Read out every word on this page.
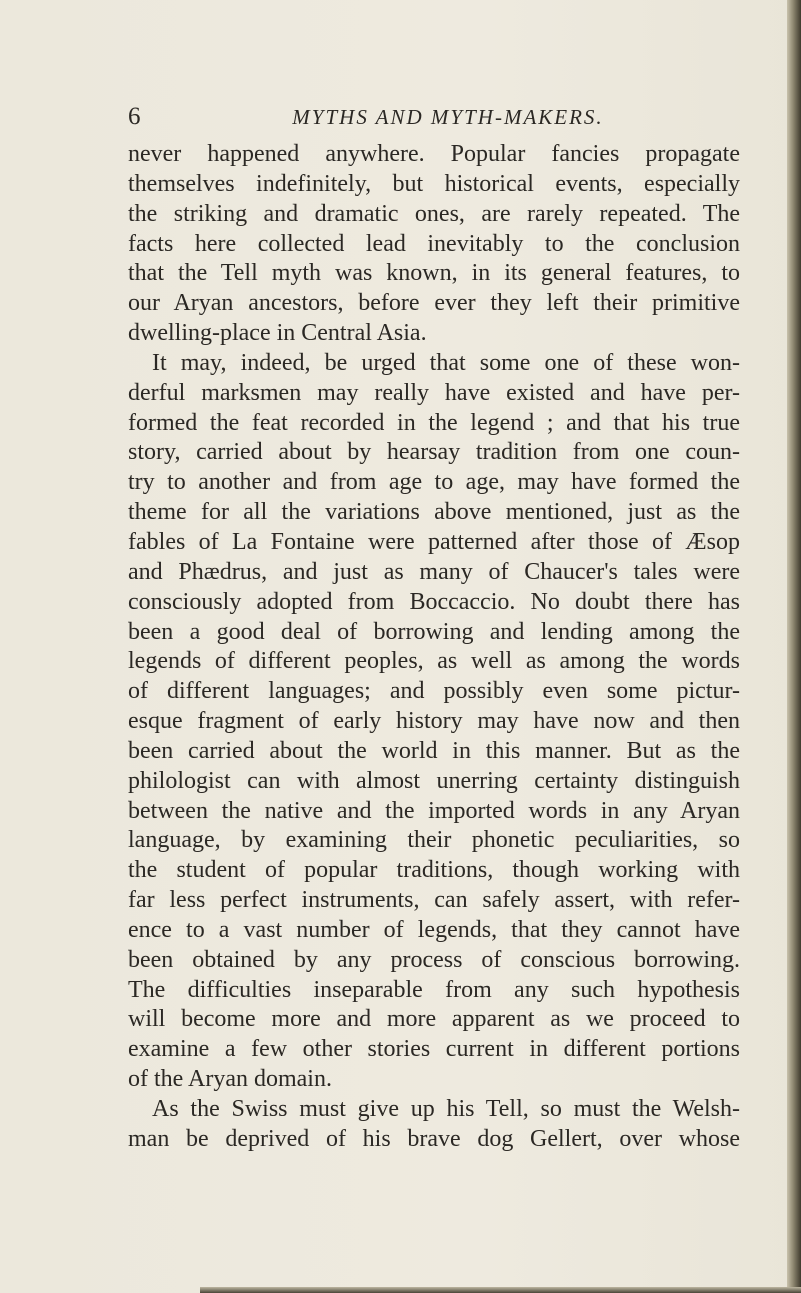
6	MYTHS AND MYTH-MAKERS.
never happened anywhere. Popular fancies propagate
themselves indefinitely, but historical events, especially
the striking and dramatic ones, are rarely repeated. The
facts here collected lead inevitably to the conclusion
that the Tell myth was known, in its general features, to
our Aryan ancestors, before ever they left their primitive
dwelling-place in Central Asia.
It may, indeed, be urged that some one of these won-
derful marksmen may really have existed and have per-
formed the feat recorded in the legend ; and that his true
story, carried about by hearsay tradition from one coun-
try to another and from age to age, may have formed the
theme for all the variations above mentioned, just as the
fables of La Fontaine were patterned after those of Æsop
and Phædrus, and just as many of Chaucer's tales were
consciously adopted from Boccaccio. No doubt there has
been a good deal of borrowing and lending among the
legends of different peoples, as well as among the words
of different languages; and possibly even some pictur-
esque fragment of early history may have now and then
been carried about the world in this manner. But as the
philologist can with almost unerring certainty distinguish
between the native and the imported words in any Aryan
language, by examining their phonetic peculiarities, so
the student of popular traditions, though working with
far less perfect instruments, can safely assert, with refer-
ence to a vast number of legends, that they cannot have
been obtained by any process of conscious borrowing.
The difficulties inseparable from any such hypothesis
will become more and more apparent as we proceed to
examine a few other stories current in different portions
of the Aryan domain.
As the Swiss must give up his Tell, so must the Welsh-
man be deprived of his brave dog Gellert, over whose
